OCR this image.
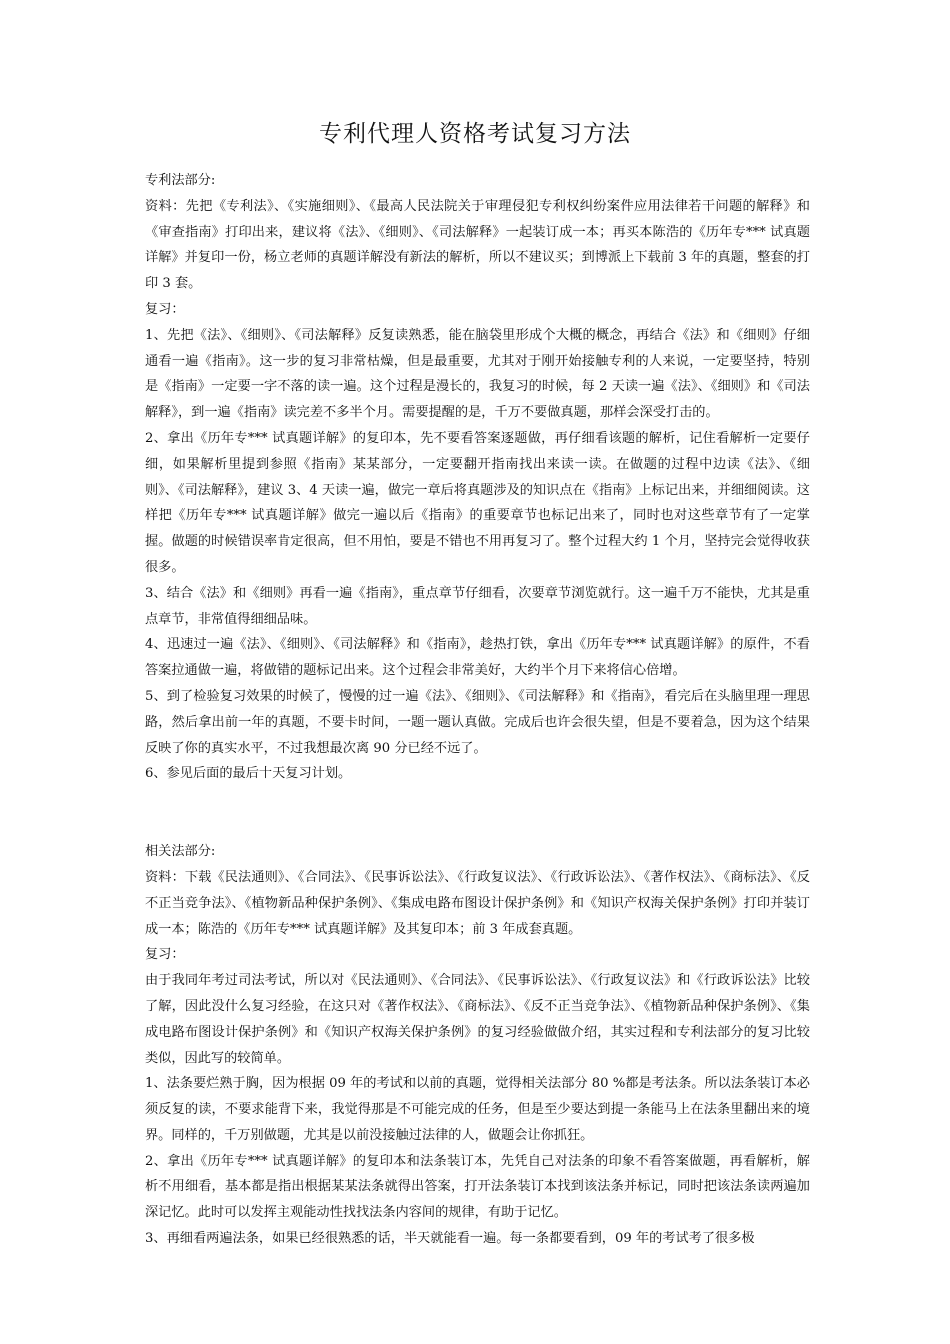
专利代理人资格考试复习方法

专利法部分:

资料：先把《专利法》、《实施细则》、《最高人民法院关于审理侵犯专利权纠纷案件应用法律若干问题的解释》和《审查指南》打印出来，建议将《法》、《细则》、《司法解释》一起装订成一本；再买本陈浩的《历年专*** 试真题详解》并复印一份，杨立老师的真题详解没有新法的解析，所以不建议买；到博派上下载前 3 年的真题，整套的打印 3 套。

复习：

1、先把《法》、《细则》、《司法解释》反复读熟悉，能在脑袋里形成个大概的概念，再结合《法》和《细则》仔细通看一遍《指南》。这一步的复习非常枯燥，但是最重要，尤其对于刚开始接触专利的人来说，一定要坚持，特别是《指南》一定要一字不落的读一遍。这个过程是漫长的，我复习的时候，每 2 天读一遍《法》、《细则》和《司法解释》，到一遍《指南》读完差不多半个月。需要提醒的是，千万不要做真题，那样会深受打击的。

2、拿出《历年专*** 试真题详解》的复印本，先不要看答案逐题做，再仔细看该题的解析，记住看解析一定要仔细，如果解析里提到参照《指南》某某部分，一定要翻开指南找出来读一读。在做题的过程中边读《法》、《细则》、《司法解释》，建议 3、4 天读一遍，做完一章后将真题涉及的知识点在《指南》上标记出来，并细细阅读。这样把《历年专*** 试真题详解》做完一遍以后《指南》的重要章节也标记出来了，同时也对这些章节有了一定掌握。做题的时候错误率肯定很高，但不用怕，要是不错也不用再复习了。整个过程大约 1 个月，坚持完会觉得收获很多。

3、结合《法》和《细则》再看一遍《指南》，重点章节仔细看，次要章节浏览就行。这一遍千万不能快，尤其是重点章节，非常值得细细品味。

4、迅速过一遍《法》、《细则》、《司法解释》和《指南》，趁热打铁，拿出《历年专*** 试真题详解》的原件，不看答案拉通做一遍，将做错的题标记出来。这个过程会非常美好，大约半个月下来将信心倍增。

5、到了检验复习效果的时候了，慢慢的过一遍《法》、《细则》、《司法解释》和《指南》，看完后在头脑里理一理思路，然后拿出前一年的真题，不要卡时间，一题一题认真做。完成后也许会很失望，但是不要着急，因为这个结果反映了你的真实水平，不过我想最次离 90 分已经不远了。

6、参见后面的最后十天复习计划。

相关法部分:

资料：下载《民法通则》、《合同法》、《民事诉讼法》、《行政复议法》、《行政诉讼法》、《著作权法》、《商标法》、《反不正当竞争法》、《植物新品种保护条例》、《集成电路布图设计保护条例》和《知识产权海关保护条例》打印并装订成一本；陈浩的《历年专*** 试真题详解》及其复印本；前 3 年成套真题。

复习：

由于我同年考过司法考试，所以对《民法通则》、《合同法》、《民事诉讼法》、《行政复议法》和《行政诉讼法》比较了解，因此没什么复习经验，在这只对《著作权法》、《商标法》、《反不正当竞争法》、《植物新品种保护条例》、《集成电路布图设计保护条例》和《知识产权海关保护条例》的复习经验做做介绍，其实过程和专利法部分的复习比较类似，因此写的较简单。

1、法条要烂熟于胸，因为根据 09 年的考试和以前的真题，觉得相关法部分 80 %都是考法条。所以法条装订本必须反复的读，不要求能背下来，我觉得那是不可能完成的任务，但是至少要达到提一条能马上在法条里翻出来的境界。同样的，千万别做题，尤其是以前没接触过法律的人，做题会让你抓狂。

2、拿出《历年专*** 试真题详解》的复印本和法条装订本，先凭自己对法条的印象不看答案做题，再看解析，解析不用细看，基本都是指出根据某某法条就得出答案，打开法条装订本找到该法条并标记，同时把该法条读两遍加深记忆。此时可以发挥主观能动性找找法条内容间的规律，有助于记忆。

3、再细看两遍法条，如果已经很熟悉的话，半天就能看一遍。每一条都要看到，09 年的考试考了很多极
